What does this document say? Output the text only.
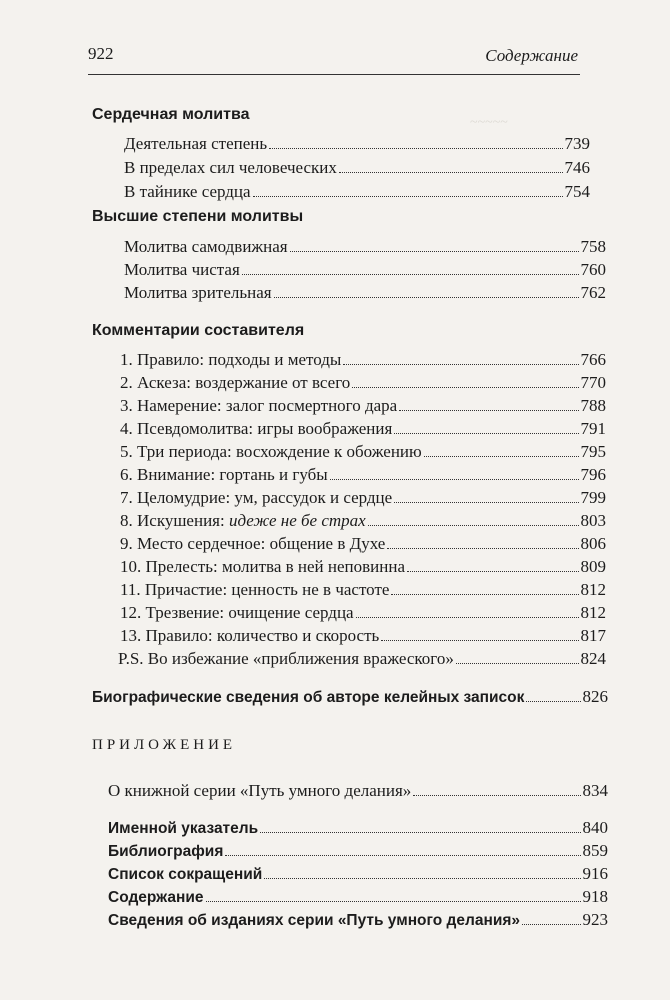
922	Содержание
~~~~~
Сердечная молитва
Деятельная степень	739
В пределах сил человеческих	746
В тайнике сердца	754
Высшие степени молитвы
Молитва самодвижная	758
Молитва чистая	760
Молитва зрительная	762
Комментарии составителя
1. Правило: подходы и методы	766
2. Аскеза: воздержание от всего	770
3. Намерение: залог посмертного дара	788
4. Псевдомолитва: игры воображения	791
5. Три периода: восхождение к обожению	795
6. Внимание: гортань и губы	796
7. Целомудрие: ум, рассудок и сердце	799
8. Искушения: идеже не бе страх	803
9. Место сердечное: общение в Духе	806
10. Прелесть: молитва в ней неповинна	809
11. Причастие: ценность не в частоте	812
12. Трезвение: очищение сердца	812
13. Правило: количество и скорость	817
P.S. Во избежание «приближения вражеского»	824
Биографические сведения об авторе келейных записок	826
ПРИЛОЖЕНИЕ
О книжной серии «Путь умного делания»	834
Именной указатель	840
Библиография	859
Список сокращений	916
Содержание	918
Сведения об изданиях серии «Путь умного делания»	923
